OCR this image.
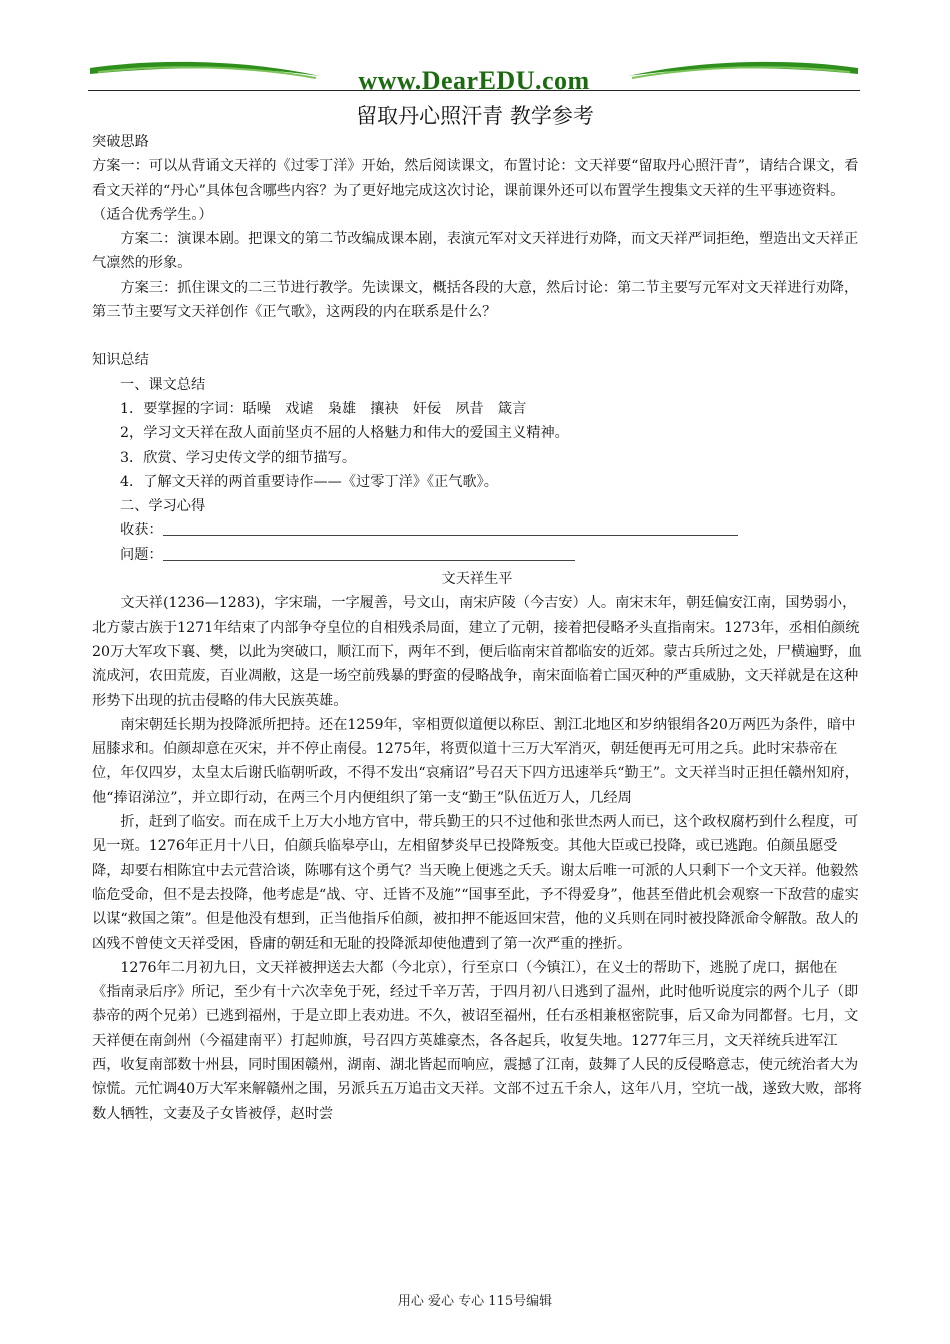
www.DearEDU.com
留取丹心照汗青 教学参考

突破思路

方案一：可以从背诵文天祥的《过零丁洋》开始，然后阅读课文，布置讨论：文天祥要“留取丹心照汗青”，请结合课文，看看文天祥的“丹心”具体包含哪些内容？为了更好地完成这次讨论，课前课外还可以布置学生搜集文天祥的生平事迹资料。（适合优秀学生。）

方案二：演课本剧。把课文的第二节改编成课本剧，表演元军对文天祥进行劝降，而文天祥严词拒绝，塑造出文天祥正气凛然的形象。

方案三：抓住课文的二三节进行教学。先读课文，概括各段的大意，然后讨论：第二节主要写元军对文天祥进行劝降，第三节主要写文天祥创作《正气歌》，这两段的内在联系是什么？

知识总结

一、课文总结

1．要掌握的字词：聒噪　戏谑　枭雄　攘袂　奸佞　夙昔　箴言

2，学习文天祥在敌人面前坚贞不屈的人格魅力和伟大的爱国主义精神。

3．欣赏、学习史传文学的细节描写。

4．了解文天祥的两首重要诗作——《过零丁洋》《正气歌》。

二、学习心得

收获：

问题：

文天祥生平

文天祥(1236—1283)，字宋瑞，一字履善，号文山，南宋庐陵（今吉安）人。南宋末年，朝廷偏安江南，国势弱小，北方蒙古族于1271年结束了内部争夺皇位的自相残杀局面，建立了元朝，接着把侵略矛头直指南宋。1273年，丞相伯颜统20万大军攻下襄、樊，以此为突破口，顺江而下，两年不到，便后临南宋首都临安的近郊。蒙古兵所过之处，尸横遍野，血流成河，农田荒废，百业凋敝，这是一场空前残暴的野蛮的侵略战争，南宋面临着亡国灭种的严重威胁，文天祥就是在这种形势下出现的抗击侵略的伟大民族英雄。

南宋朝廷长期为投降派所把持。还在1259年，宰相贾似道便以称臣、割江北地区和岁纳银绢各20万两匹为条件，暗中屈膝求和。伯颜却意在灭宋，并不停止南侵。1275年，将贾似道十三万大军消灭，朝廷便再无可用之兵。此时宋恭帝在位，年仅四岁，太皇太后谢氏临朝听政，不得不发出“哀痛诏”号召天下四方迅速举兵“勤王”。文天祥当时正担任赣州知府，他“捧诏涕泣”，并立即行动，在两三个月内便组织了第一支“勤王”队伍近万人，几经周

折，赶到了临安。而在成千上万大小地方官中，带兵勤王的只不过他和张世杰两人而已，这个政权腐朽到什么程度，可见一斑。1276年正月十八日，伯颜兵临皋亭山，左相留梦炎早已投降叛变。其他大臣或已投降，或已逃跑。伯颜虽愿受降，却要右相陈宜中去元营洽谈，陈哪有这个勇气？当天晚上便逃之夭夭。谢太后唯一可派的人只剩下一个文天祥。他毅然临危受命，但不是去投降，他考虑是“战、守、迁皆不及施”“国事至此，予不得爱身”，他甚至借此机会观察一下敌营的虚实以谋“救国之策”。但是他没有想到，正当他指斥伯颜，被扣押不能返回宋营，他的义兵则在同时被投降派命令解散。敌人的凶残不曾使文天祥受困，昏庸的朝廷和无耻的投降派却使他遭到了第一次严重的挫折。

1276年二月初九日，文天祥被押送去大都（今北京），行至京口（今镇江），在义士的帮助下，逃脱了虎口，据他在《指南录后序》所记，至少有十六次幸免于死，经过千辛万苦，于四月初八日逃到了温州，此时他听说度宗的两个儿子（即恭帝的两个兄弟）已逃到福州，于是立即上表劝进。不久，被诏至福州，任右丞相兼枢密院事，后又命为同都督。七月，文天祥便在南剑州（今福建南平）打起帅旗，号召四方英雄豪杰，各各起兵，收复失地。1277年三月，文天祥统兵进军江西，收复南部数十州县，同时围困赣州，湖南、湖北皆起而响应，震撼了江南，鼓舞了人民的反侵略意志，使元统治者大为惊慌。元忙调40万大军来解赣州之围，另派兵五万追击文天祥。文部不过五千余人，这年八月，空坑一战，遂致大败，部将数人牺牲，文妻及子女皆被俘，赵时尝

用心 爱心 专心 115号编辑
